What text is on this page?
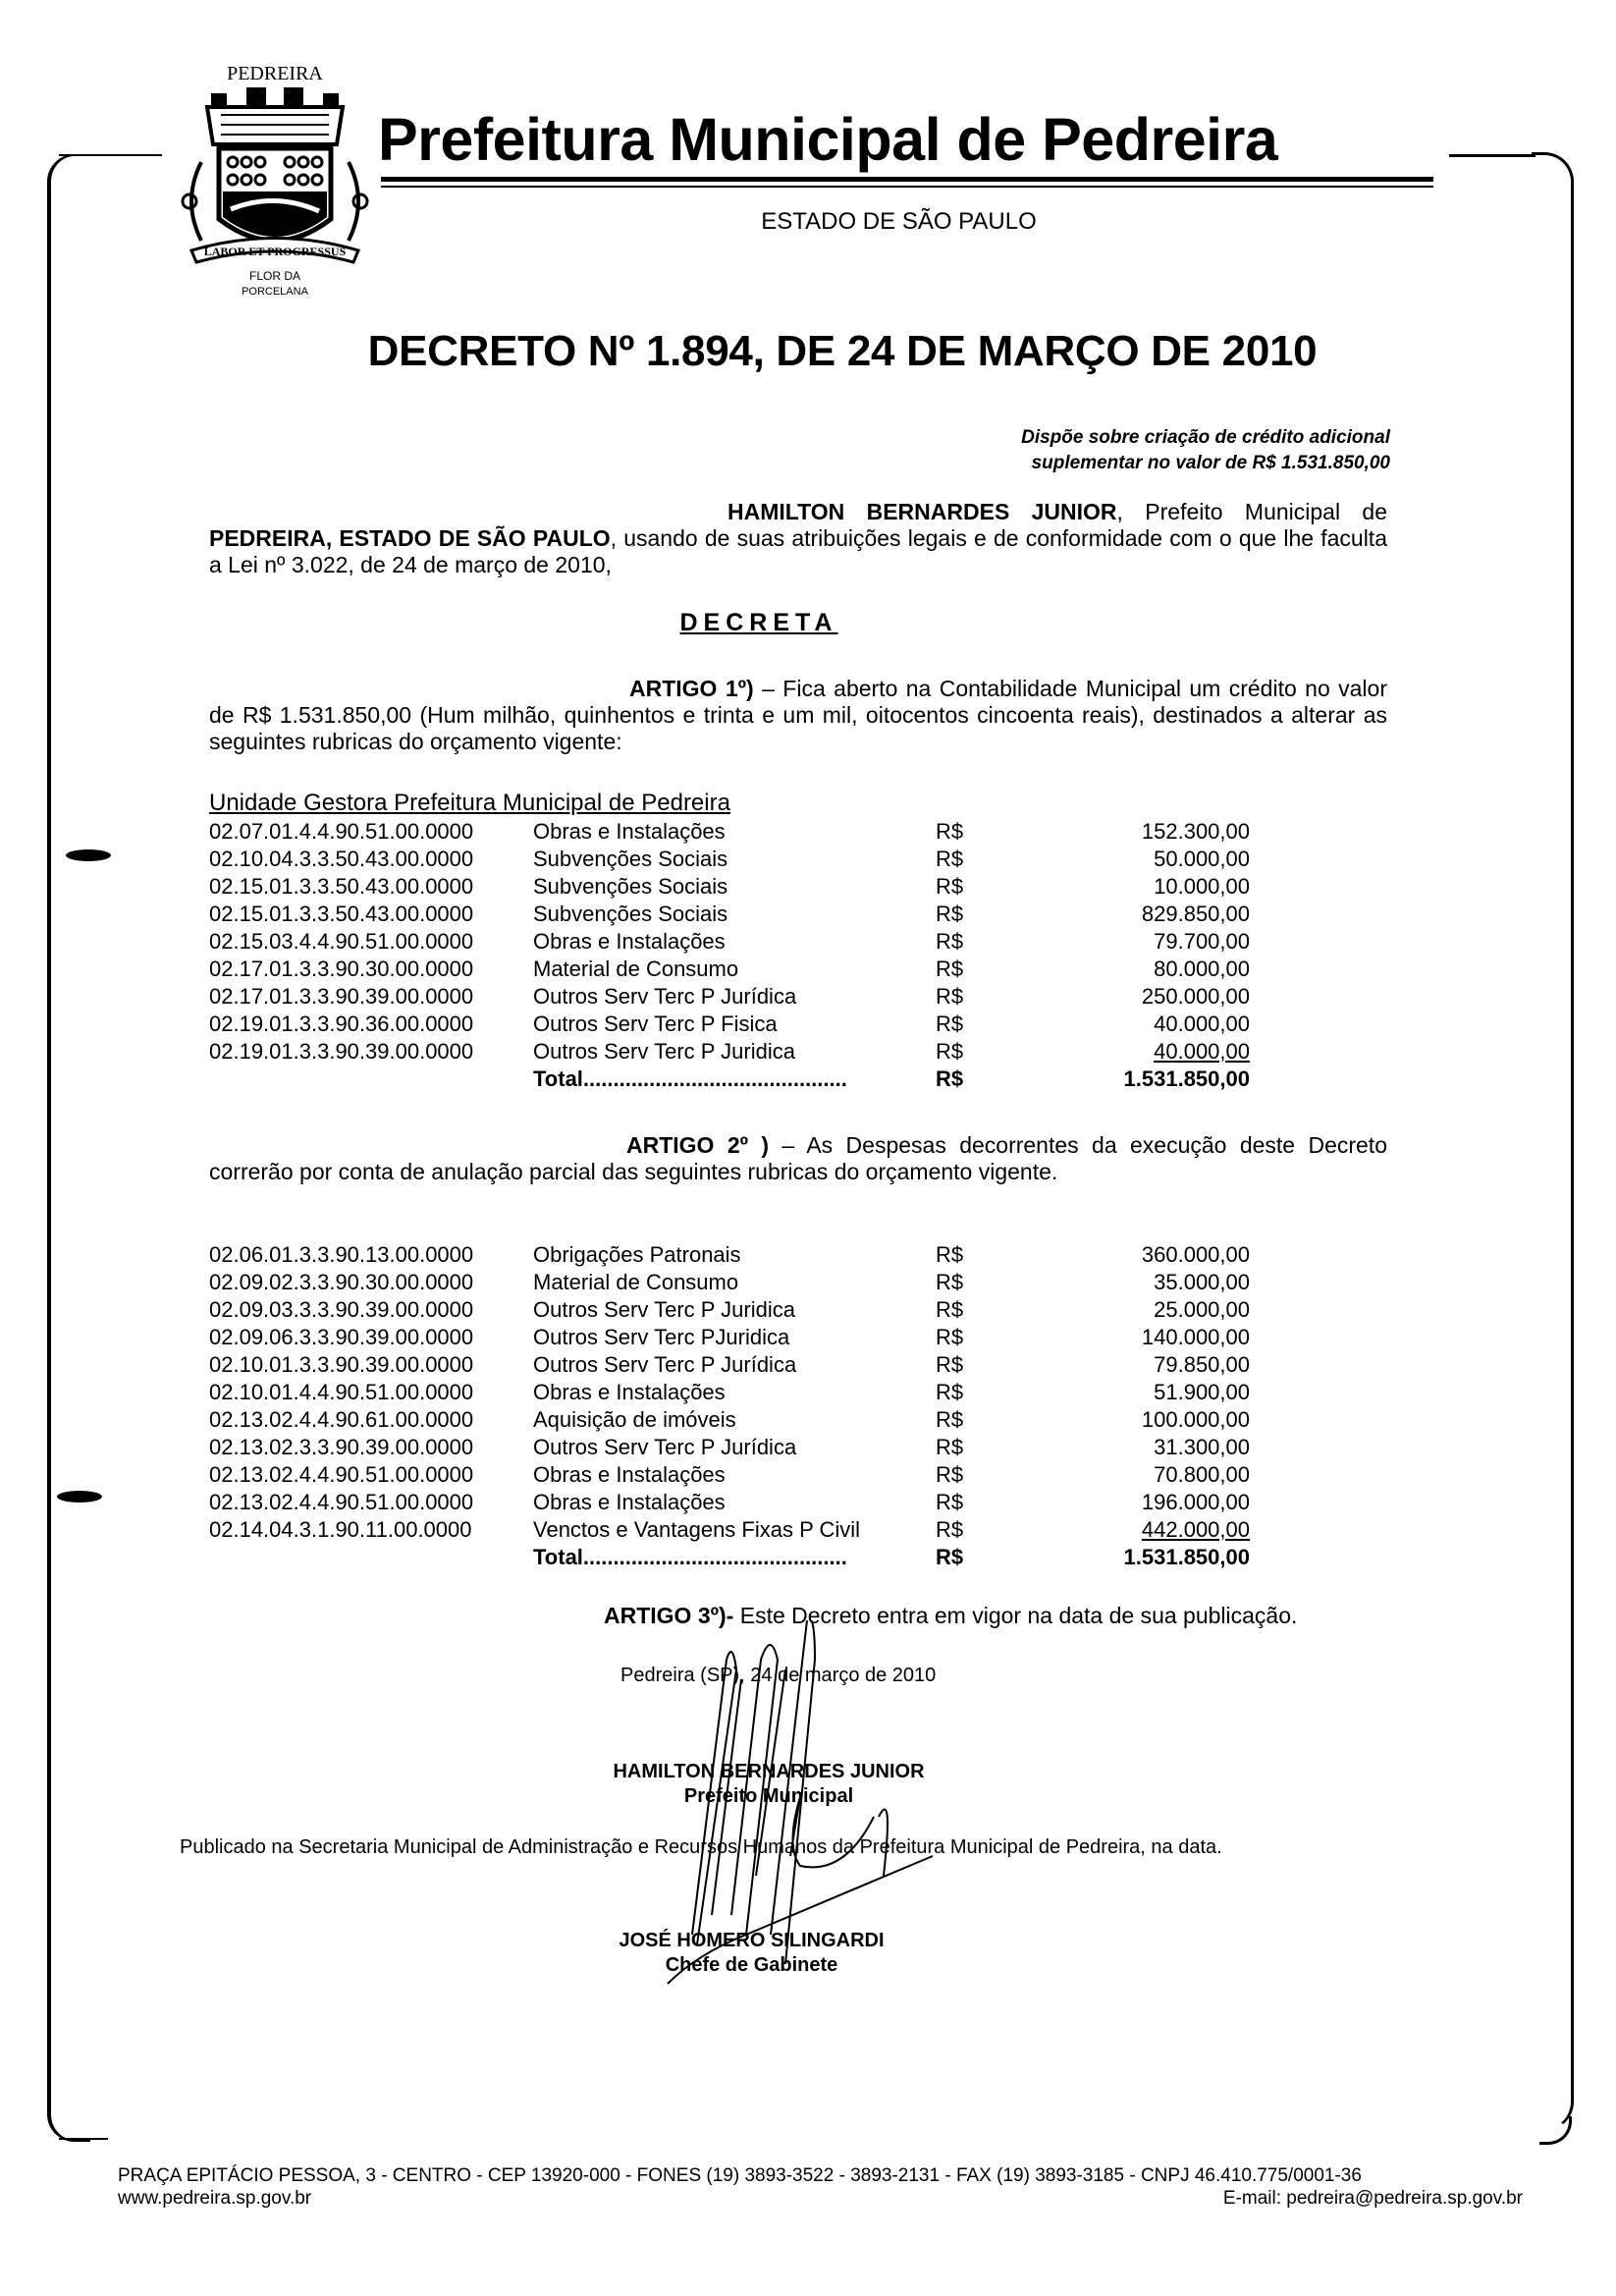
PEDREIRA
LABOR ET PROGRESSUS
FLOR DA
PORCELANA
Prefeitura Municipal de Pedreira
ESTADO DE SÃO PAULO
DECRETO Nº 1.894, DE 24 DE MARÇO DE 2010
Dispõe sobre criação de crédito adicional
suplementar no valor de R$ 1.531.850,00
HAMILTON BERNARDES JUNIOR, Prefeito Municipal de PEDREIRA, ESTADO DE SÃO PAULO, usando de suas atribuições legais e de conformidade com o que lhe faculta a Lei nº 3.022, de 24 de março de 2010,
DECRETA
ARTIGO 1º) – Fica aberto na Contabilidade Municipal um crédito no valor de R$ 1.531.850,00 (Hum milhão, quinhentos e trinta e um mil, oitocentos cincoenta reais), destinados a alterar as seguintes rubricas do orçamento vigente:
Unidade Gestora Prefeitura Municipal de Pedreira
02.07.01.4.4.90.51.00.0000	Obras e Instalações	R$	152.300,00
02.10.04.3.3.50.43.00.0000	Subvenções Sociais	R$	50.000,00
02.15.01.3.3.50.43.00.0000	Subvenções Sociais	R$	10.000,00
02.15.01.3.3.50.43.00.0000	Subvenções Sociais	R$	829.850,00
02.15.03.4.4.90.51.00.0000	Obras e Instalações	R$	79.700,00
02.17.01.3.3.90.30.00.0000	Material de Consumo	R$	80.000,00
02.17.01.3.3.90.39.00.0000	Outros Serv Terc P Jurídica	R$	250.000,00
02.19.01.3.3.90.36.00.0000	Outros Serv Terc P Fisica	R$	40.000,00
02.19.01.3.3.90.39.00.0000	Outros Serv Terc P Juridica	R$	40.000,00
Total............................................	R$	1.531.850,00
ARTIGO 2º ) – As Despesas decorrentes da execução deste Decreto correrão por conta de anulação parcial das seguintes rubricas do orçamento vigente.
02.06.01.3.3.90.13.00.0000	Obrigações Patronais	R$	360.000,00
02.09.02.3.3.90.30.00.0000	Material de Consumo	R$	35.000,00
02.09.03.3.3.90.39.00.0000	Outros Serv Terc P Juridica	R$	25.000,00
02.09.06.3.3.90.39.00.0000	Outros Serv Terc PJuridica	R$	140.000,00
02.10.01.3.3.90.39.00.0000	Outros Serv Terc P Jurídica	R$	79.850,00
02.10.01.4.4.90.51.00.0000	Obras e Instalações	R$	51.900,00
02.13.02.4.4.90.61.00.0000	Aquisição de imóveis	R$	100.000,00
02.13.02.3.3.90.39.00.0000	Outros Serv Terc P Jurídica	R$	31.300,00
02.13.02.4.4.90.51.00.0000	Obras e Instalações	R$	70.800,00
02.13.02.4.4.90.51.00.0000	Obras e Instalações	R$	196.000,00
02.14.04.3.1.90.11.00.0000	Venctos e Vantagens Fixas P Civil	R$	442.000,00
Total............................................	R$	1.531.850,00
ARTIGO 3º)- Este Decreto entra em vigor na data de sua publicação.
Pedreira (SP), 24 de março de 2010
HAMILTON BERNARDES JUNIOR
Prefeito Municipal
Publicado na Secretaria Municipal de Administração e Recursos Humanos da Prefeitura Municipal de Pedreira, na data.
JOSÉ HOMERO SILINGARDI
Chefe de Gabinete
PRAÇA EPITÁCIO PESSOA, 3 - CENTRO - CEP 13920-000 - FONES (19) 3893-3522 - 3893-2131 - FAX (19) 3893-3185 - CNPJ 46.410.775/0001-36
www.pedreira.sp.gov.br	E-mail: pedreira@pedreira.sp.gov.br
